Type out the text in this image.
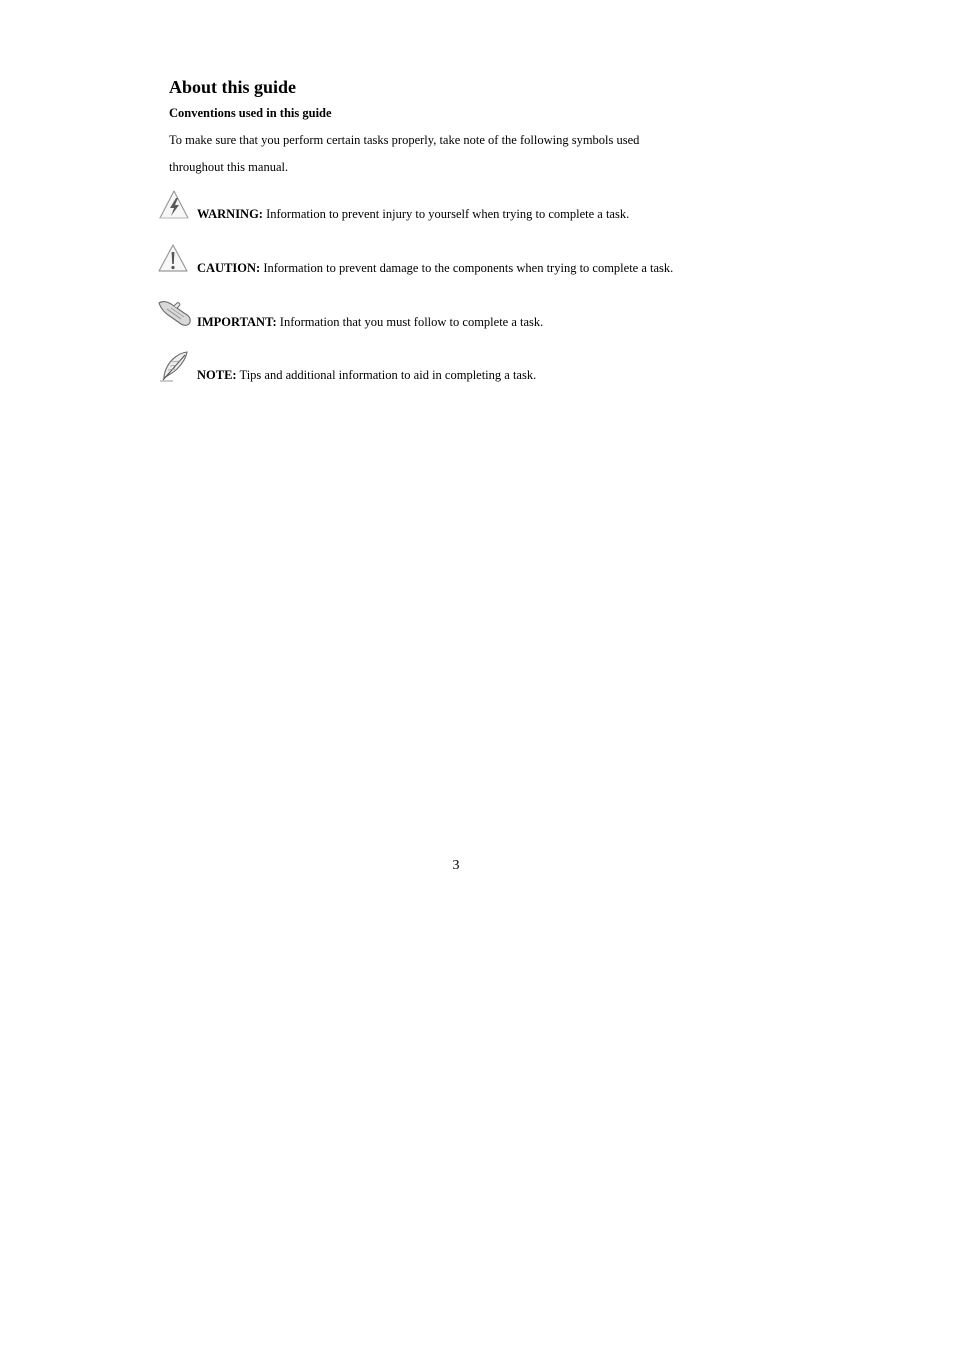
About this guide
Conventions used in this guide

To make sure that you perform certain tasks properly, take note of the following symbols used
throughout this manual.

WARNING: Information to prevent injury to yourself when trying to complete a task.
CAUTION: Information to prevent damage to the components when trying to complete a task.
IMPORTANT: Information that you must follow to complete a task.
NOTE: Tips and additional information to aid in completing a task.
3
